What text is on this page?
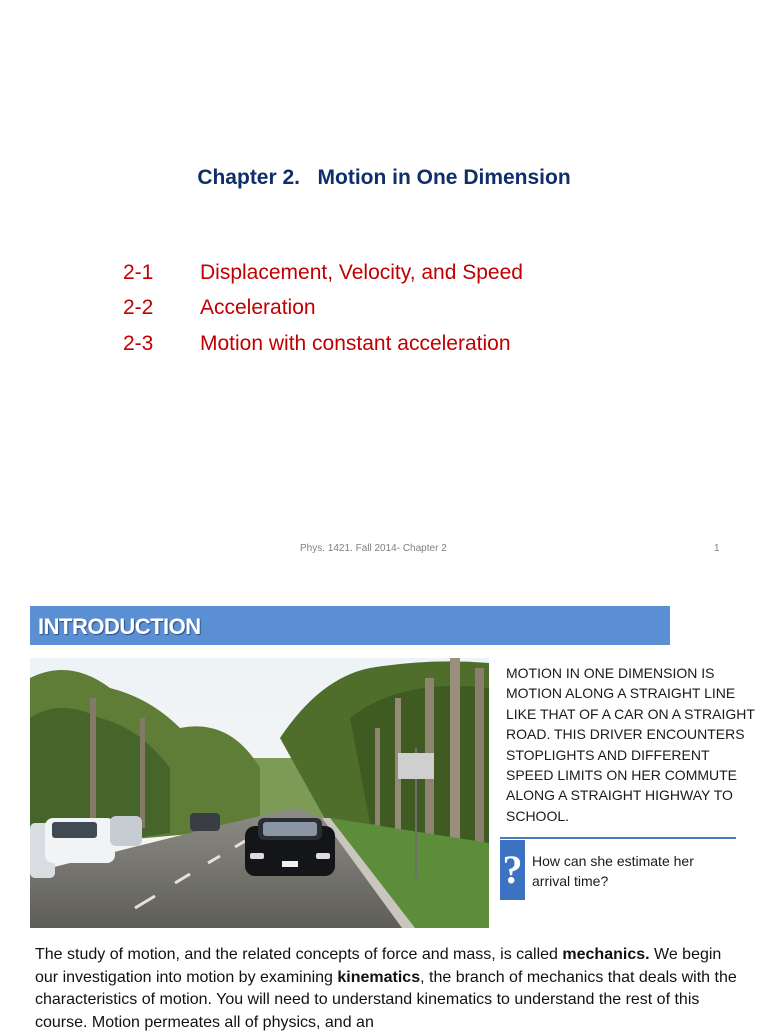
Chapter 2.   Motion in One Dimension
2-1	Displacement, Velocity, and Speed
2-2	Acceleration
2-3	Motion with constant acceleration
Phys. 1421. Fall 2014- Chapter 2	1
INTRODUCTION
MOTION IN ONE DIMENSION IS MOTION ALONG A STRAIGHT LINE LIKE THAT OF A CAR ON A STRAIGHT ROAD. THIS DRIVER ENCOUNTERS STOPLIGHTS AND DIFFERENT SPEED LIMITS ON HER COMMUTE ALONG A STRAIGHT HIGHWAY TO SCHOOL.
? How can she estimate her arrival time?
The study of motion, and the related concepts of force and mass, is called mechanics. We begin our investigation into motion by examining kinematics, the branch of mechanics that deals with the characteristics of motion. You will need to understand kinematics to understand the rest of this course. Motion permeates all of physics, and an
